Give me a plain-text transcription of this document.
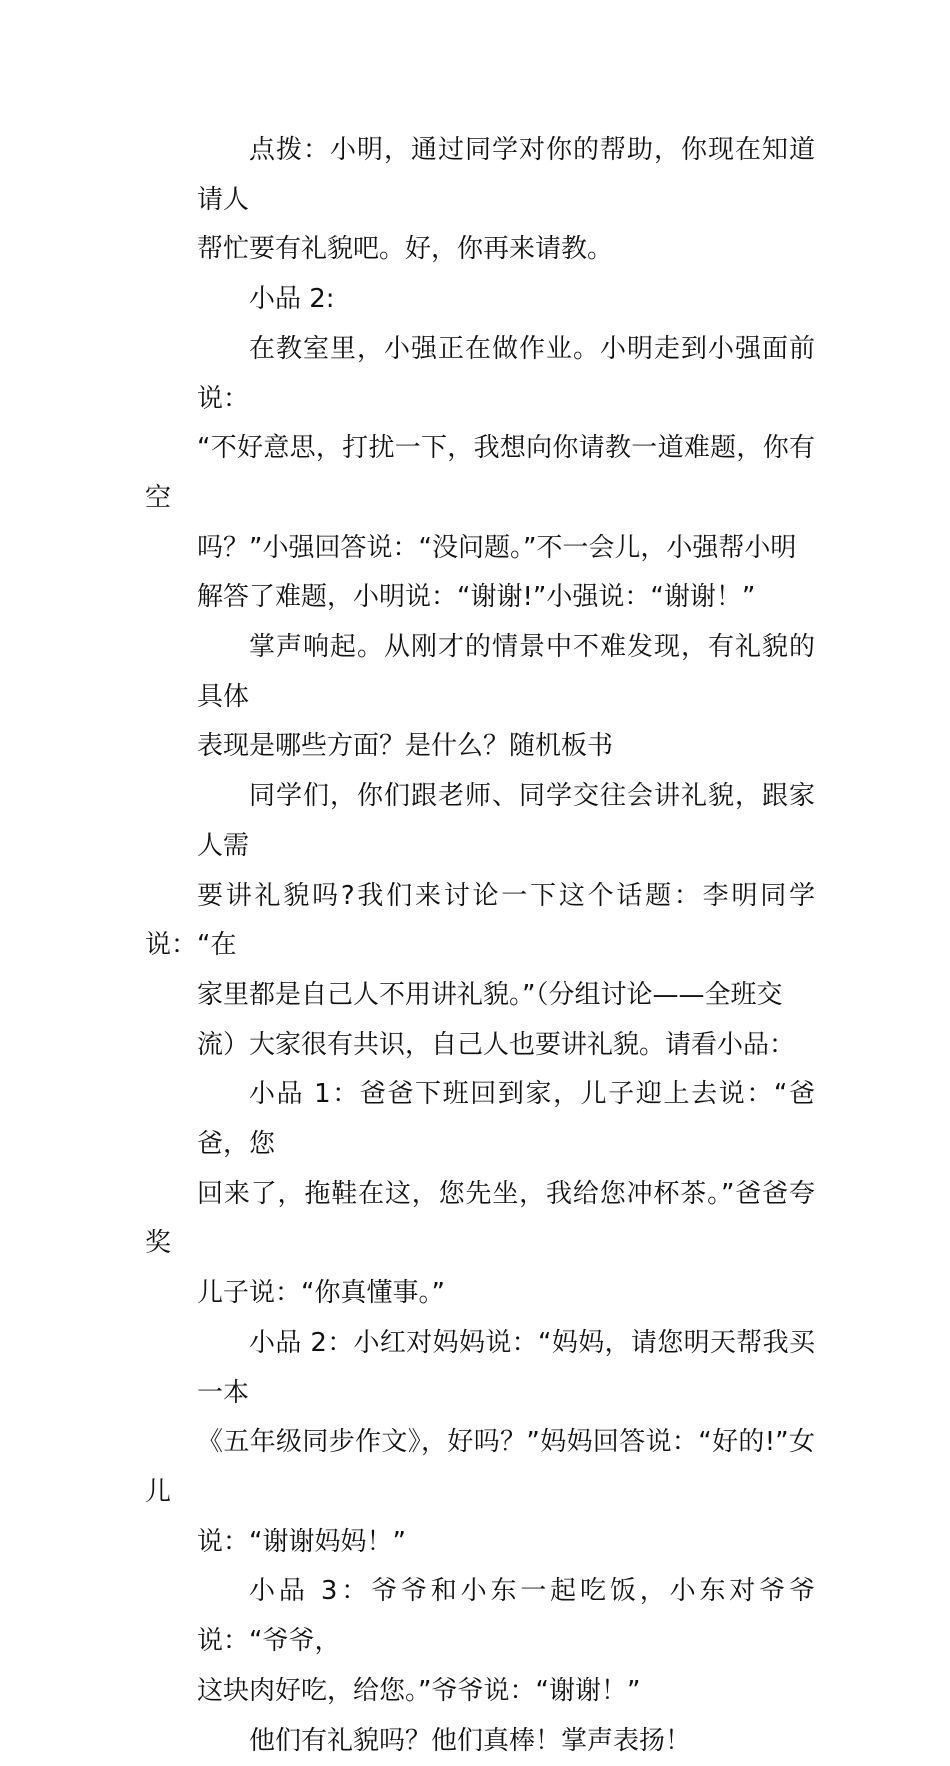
点拨：小明，通过同学对你的帮助，你现在知道请人
帮忙要有礼貌吧。好，你再来请教。
小品 2:
在教室里，小强正在做作业。小明走到小强面前说：
“不好意思，打扰一下，我想向你请教一道难题，你有空
吗？”小强回答说：“没问题。”不一会儿，小强帮小明
解答了难题，小明说：“谢谢!”小强说：“谢谢！”
掌声响起。从刚才的情景中不难发现，有礼貌的具体
表现是哪些方面？是什么？随机板书
同学们，你们跟老师、同学交往会讲礼貌，跟家人需
要讲礼貌吗?我们来讨论一下这个话题：李明同学说：“在
家里都是自己人不用讲礼貌。”（分组讨论——全班交
流）大家很有共识，自己人也要讲礼貌。请看小品：
小品 1：爸爸下班回到家，儿子迎上去说：“爸爸，您
回来了，拖鞋在这，您先坐，我给您冲杯茶。”爸爸夸奖
儿子说：“你真懂事。”
小品 2：小红对妈妈说：“妈妈，请您明天帮我买一本
《五年级同步作文》，好吗？”妈妈回答说：“好的!”女儿
说：“谢谢妈妈！”
小品 3：爷爷和小东一起吃饭，小东对爷爷说：“爷爷，
这块肉好吃，给您。”爷爷说：“谢谢！”
他们有礼貌吗？他们真棒！掌声表扬！
